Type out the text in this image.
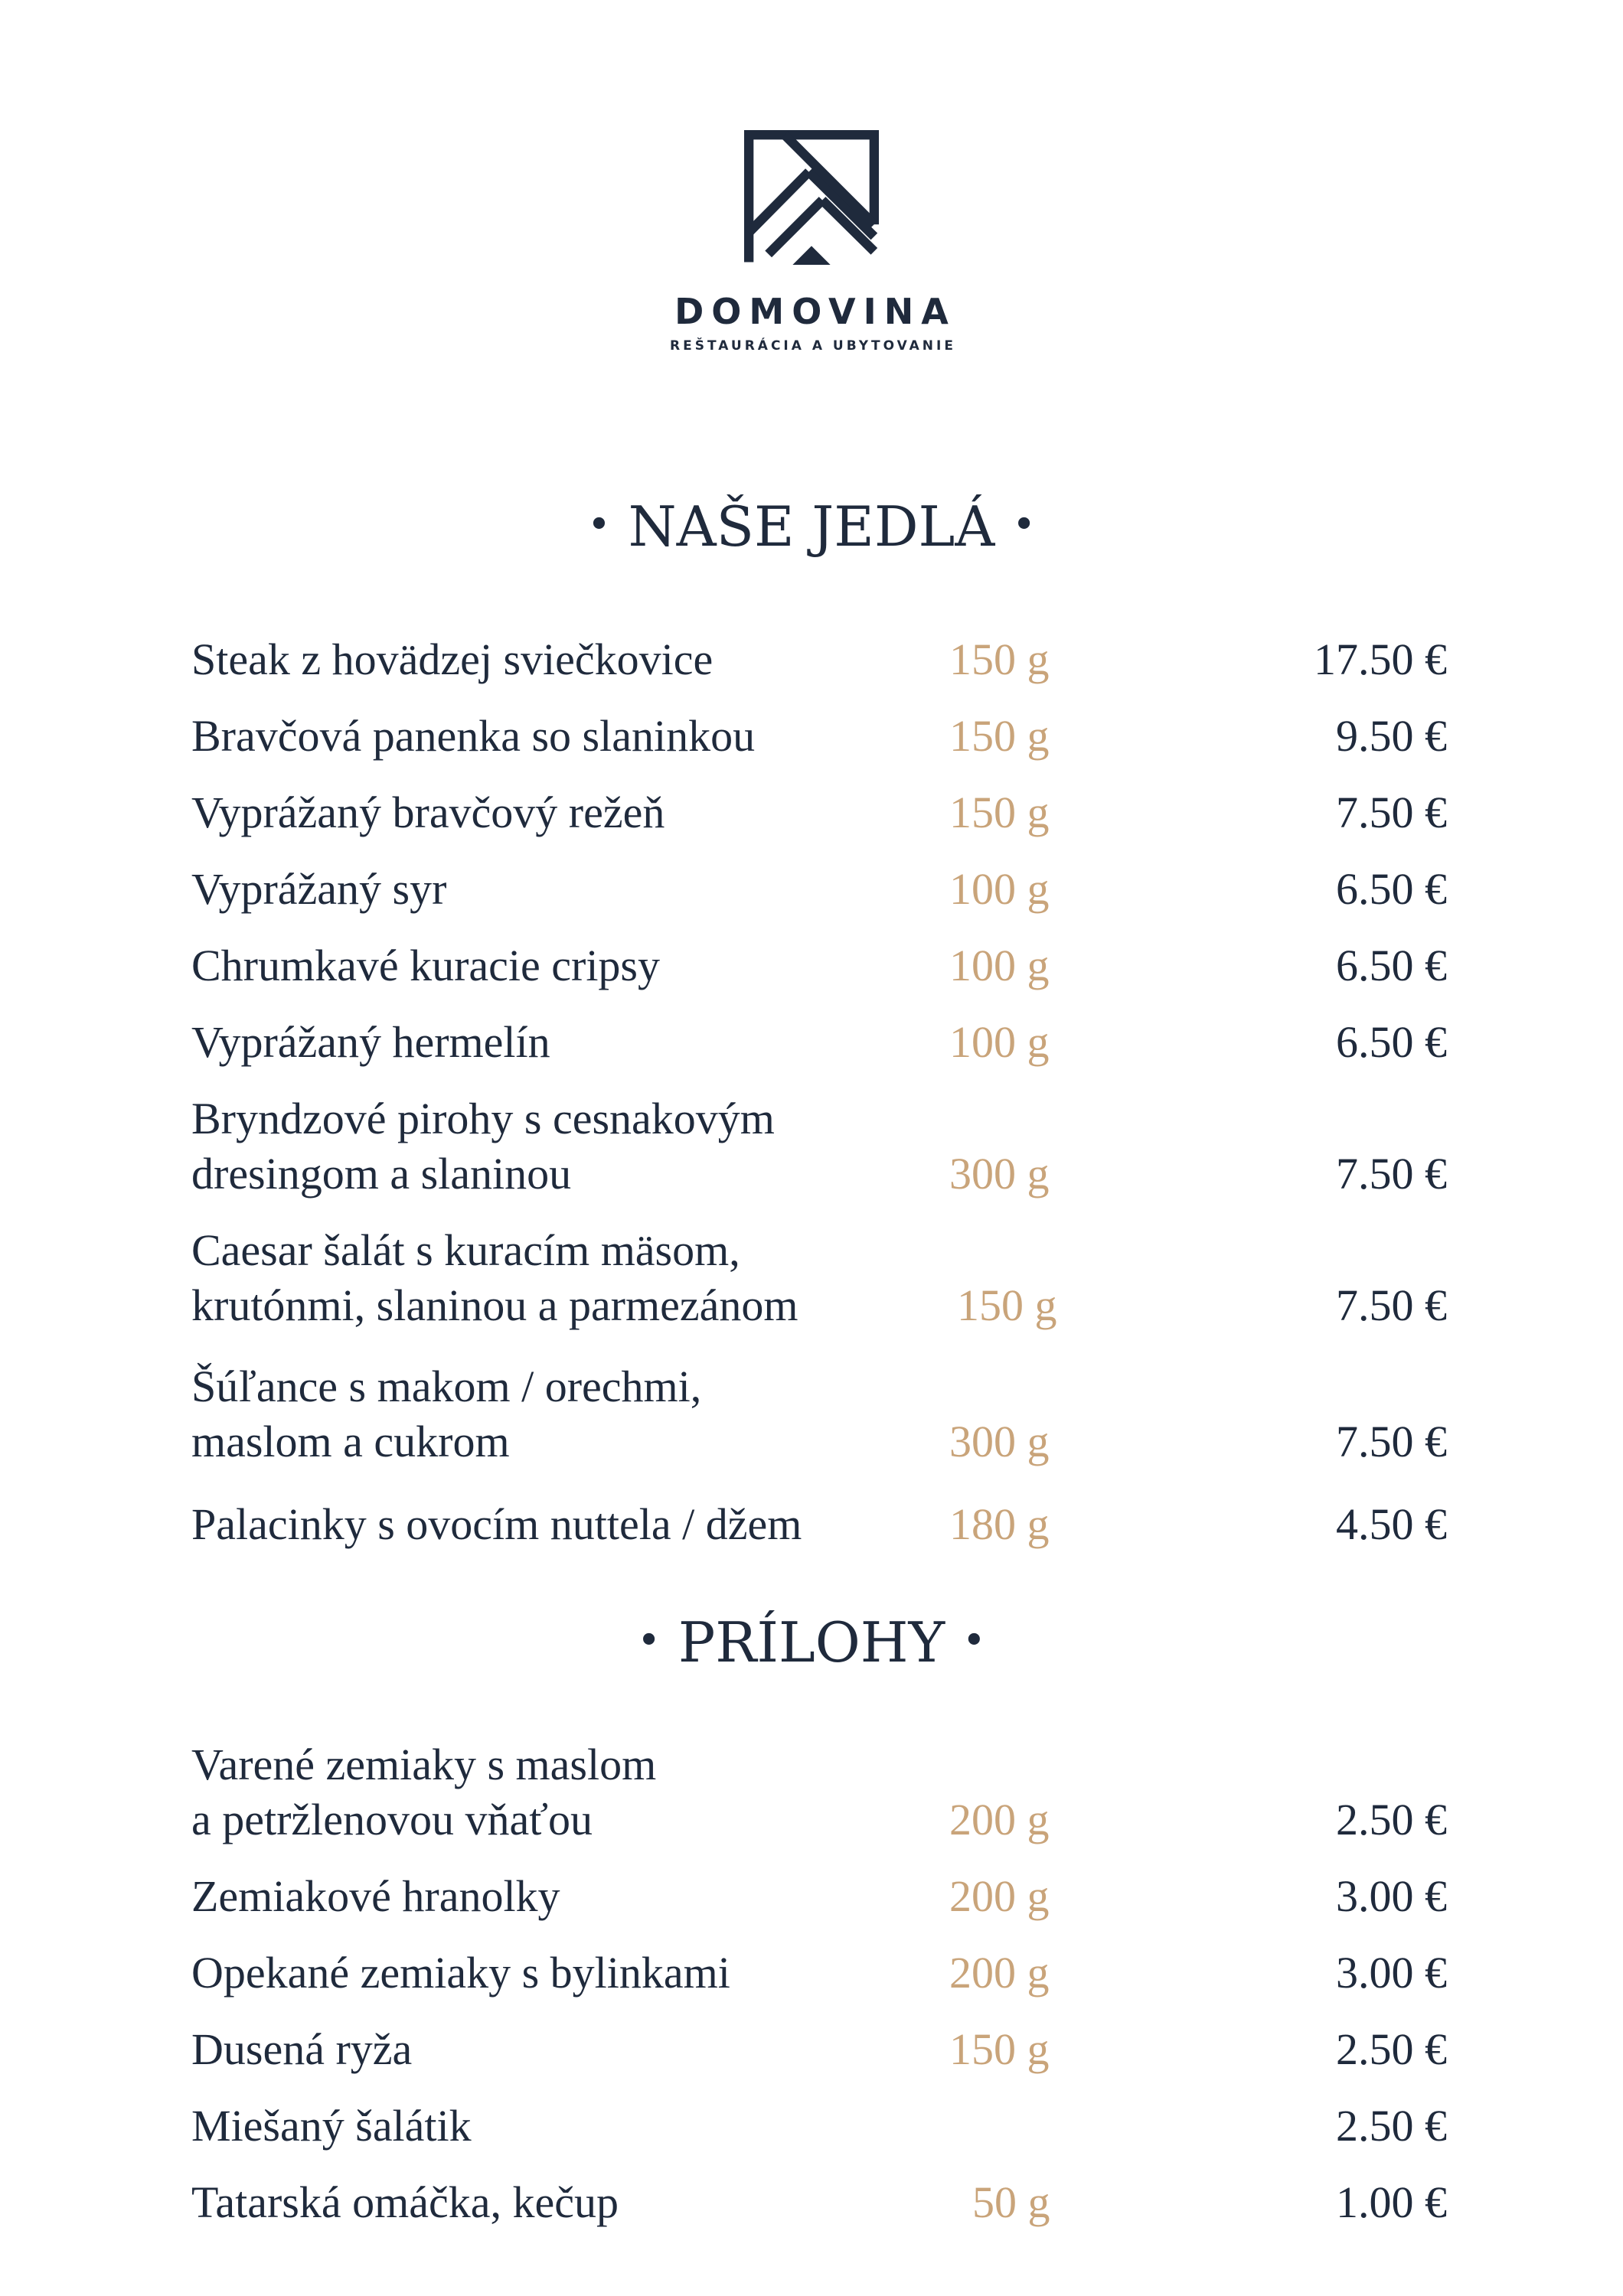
DOMOVINA
REŠTAURÁCIA A UBYTOVANIE
• NAŠE JEDLÁ •
Steak z hovädzej sviečkovice	150 g	17.50 €
Bravčová panenka so slaninkou	150 g	9.50 €
Vyprážaný bravčový režeň	150 g	7.50 €
Vyprážaný syr	100 g	6.50 €
Chrumkavé kuracie cripsy	100 g	6.50 €
Vyprážaný hermelín	100 g	6.50 €
Bryndzové pirohy s cesnakovým
dresingom a slaninou	300 g	7.50 €
Caesar šalát s kuracím mäsom,
krutónmi, slaninou a parmezánom	150 g	7.50 €
Šúľance s makom / orechmi,
maslom a cukrom	300 g	7.50 €
Palacinky s ovocím nuttela / džem	180 g	4.50 €
• PRÍLOHY •
Varené zemiaky s maslom
a petržlenovou vňaťou	200 g	2.50 €
Zemiakové hranolky	200 g	3.00 €
Opekané zemiaky s bylinkami	200 g	3.00 €
Dusená ryža	150 g	2.50 €
Miešaný šalátik	2.50 €
Tatarská omáčka, kečup	50 g	1.00 €
